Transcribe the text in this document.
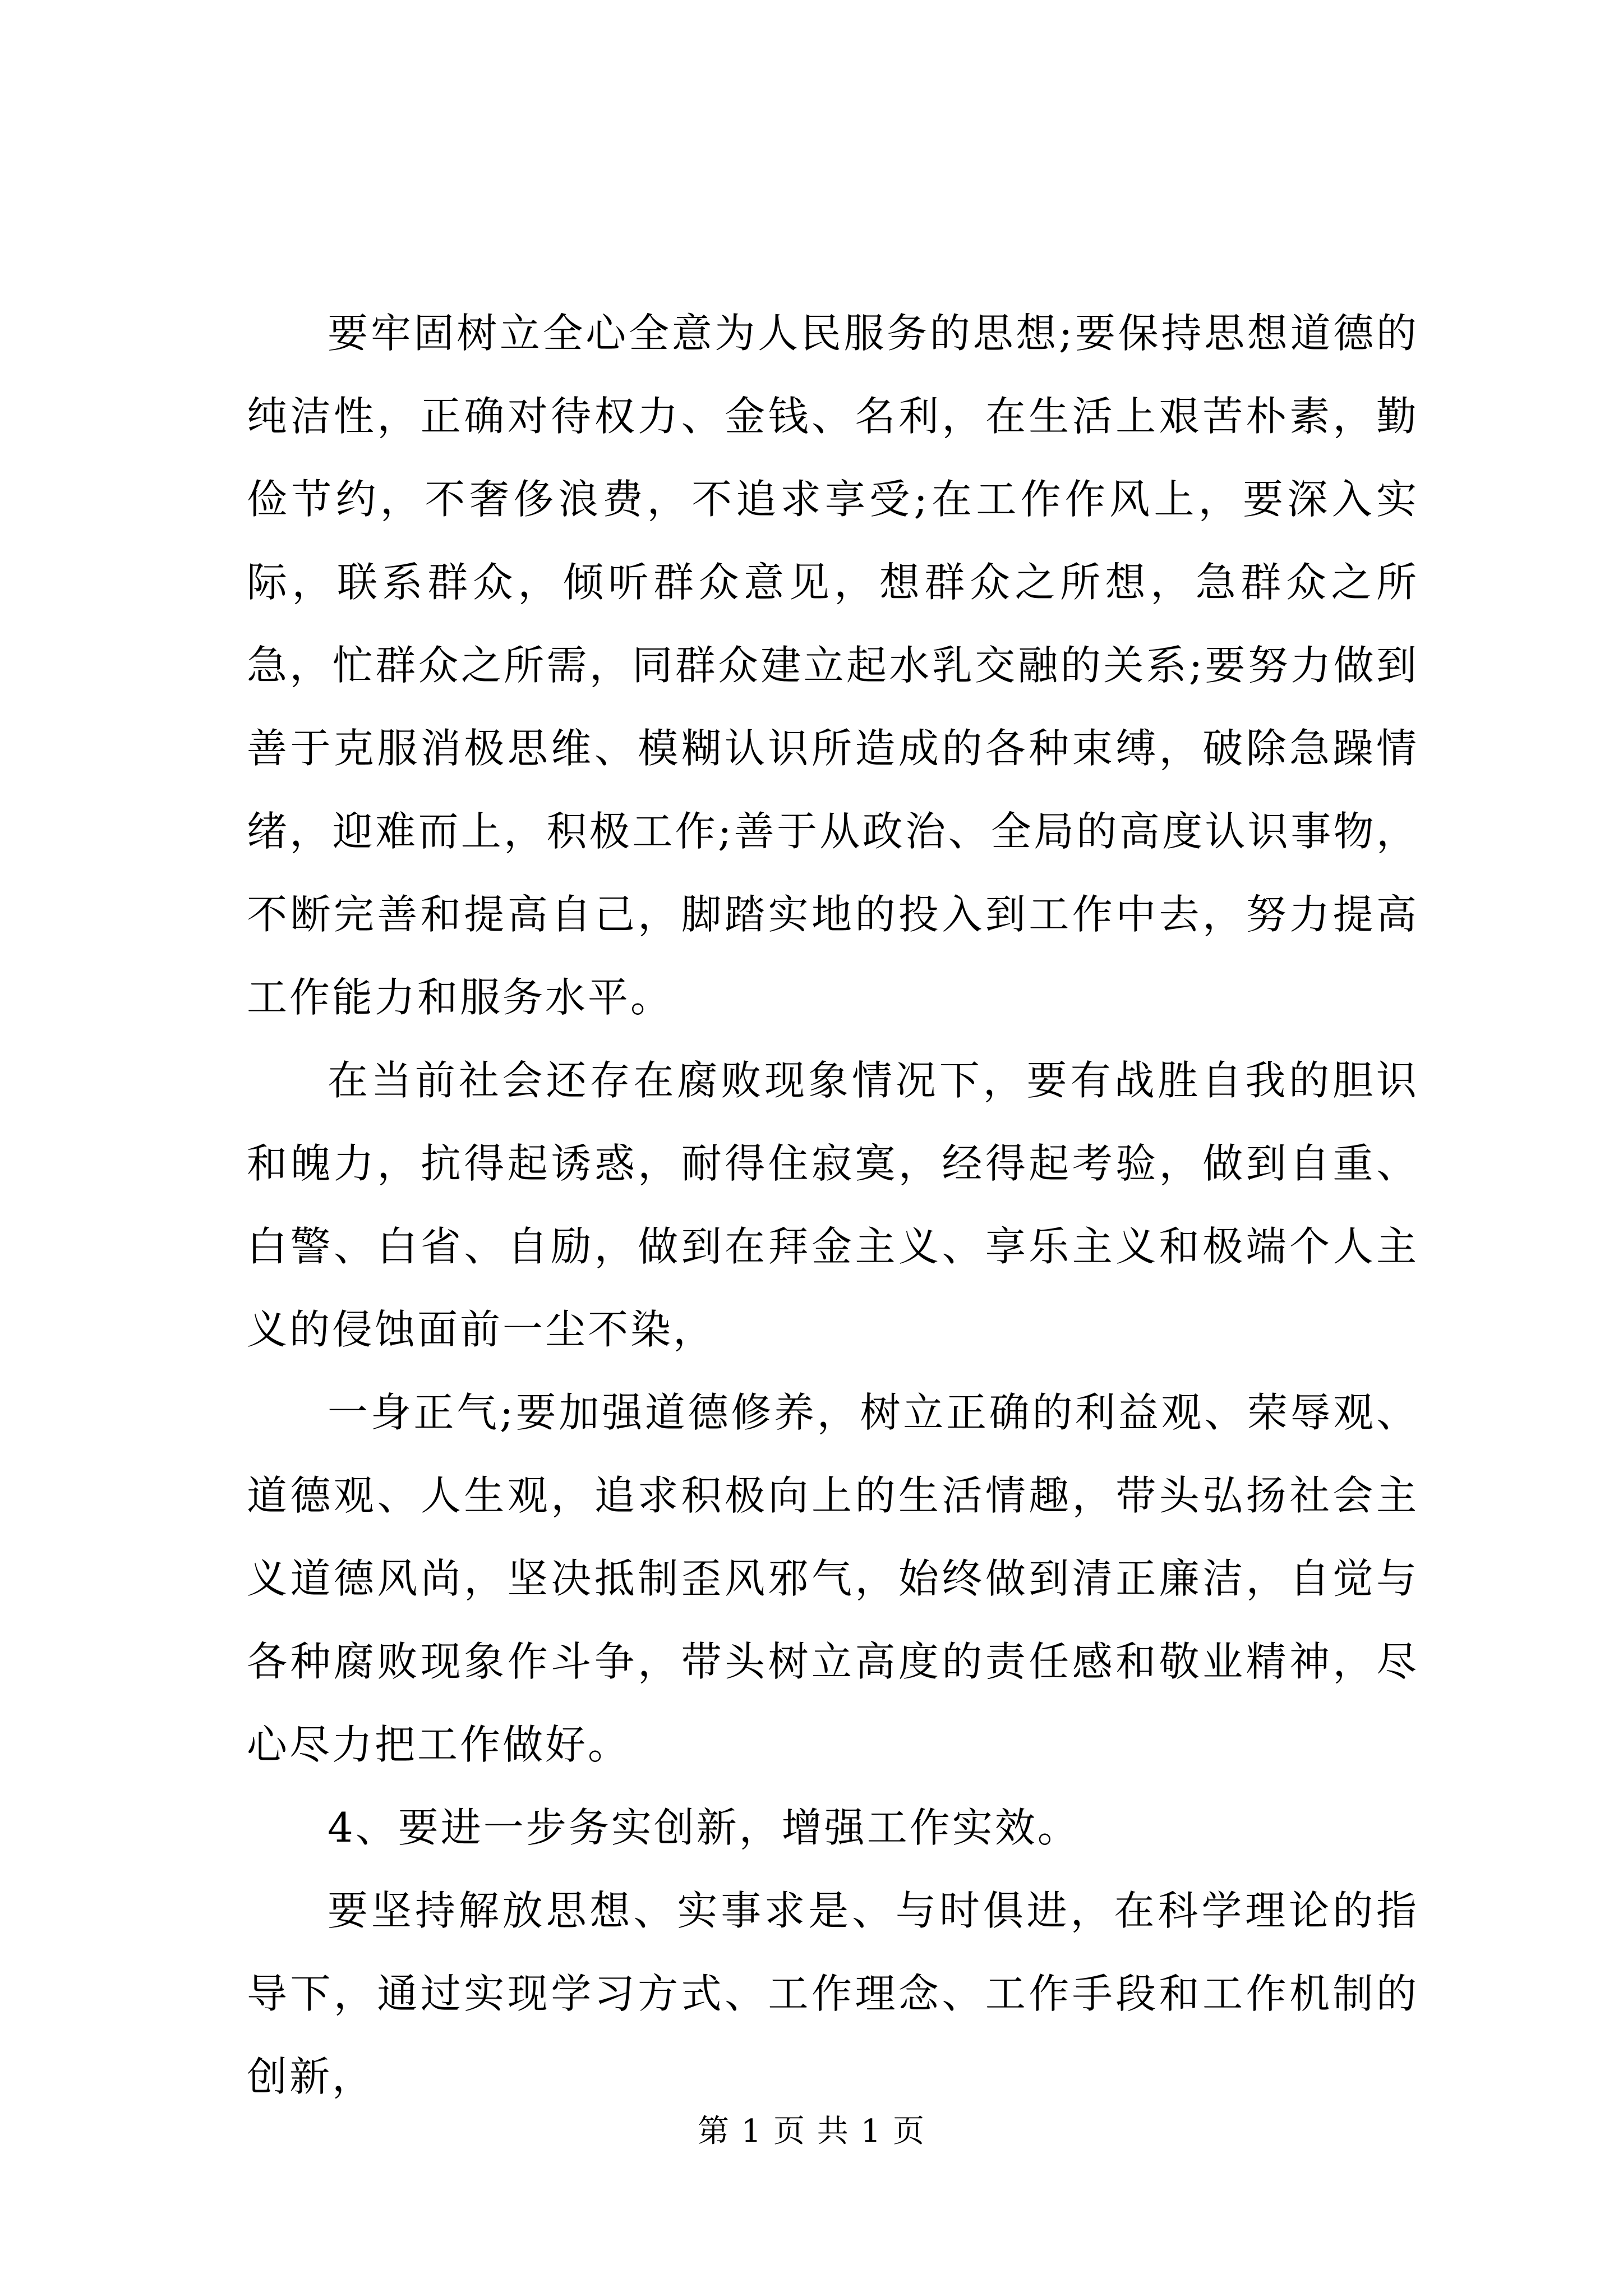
要牢固树立全心全意为人民服务的思想;要保持思想道德的纯洁性，正确对待权力、金钱、名利，在生活上艰苦朴素，勤俭节约，不奢侈浪费，不追求享受;在工作作风上，要深入实际，联系群众，倾听群众意见，想群众之所想，急群众之所急，忙群众之所需，同群众建立起水乳交融的关系;要努力做到善于克服消极思维、模糊认识所造成的各种束缚，破除急躁情绪，迎难而上，积极工作;善于从政治、全局的高度认识事物，不断完善和提高自己，脚踏实地的投入到工作中去，努力提高工作能力和服务水平。

在当前社会还存在腐败现象情况下，要有战胜自我的胆识和魄力，抗得起诱惑，耐得住寂寞，经得起考验，做到自重、白警、白省、自励，做到在拜金主义、享乐主义和极端个人主义的侵蚀面前一尘不染，

一身正气;要加强道德修养，树立正确的利益观、荣辱观、道德观、人生观，追求积极向上的生活情趣，带头弘扬社会主义道德风尚，坚决抵制歪风邪气，始终做到清正廉洁，自觉与各种腐败现象作斗争，带头树立高度的责任感和敬业精神，尽心尽力把工作做好。

4、要进一步务实创新，增强工作实效。

要坚持解放思想、实事求是、与时俱进，在科学理论的指导下，通过实现学习方式、工作理念、工作手段和工作机制的创新，

第 1 页 共 1 页
